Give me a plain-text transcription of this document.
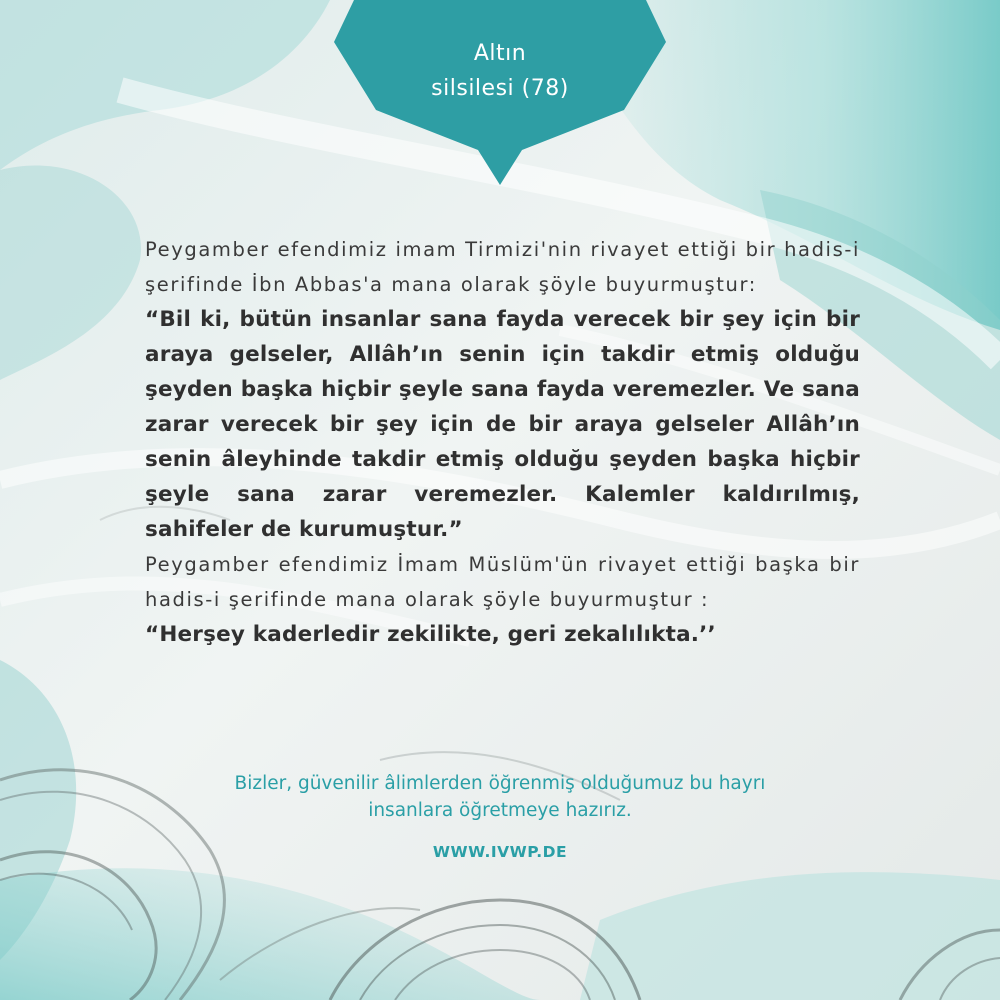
Altın
silsilesi (78)

Peygamber efendimiz imam Tirmizi'nin rivayet ettiği bir hadis-i şerifinde İbn Abbas'a mana olarak şöyle buyurmuştur:

“Bil ki, bütün insanlar sana fayda verecek bir şey için bir araya gelseler, Allâh’ın senin için takdir etmiş olduğu şeyden başka hiçbir şeyle sana fayda veremezler. Ve sana zarar verecek bir şey için de bir araya gelseler Allâh’ın senin âleyhinde takdir etmiş olduğu şeyden başka hiçbir şeyle sana zarar veremezler. Kalemler kaldırılmış, sahifeler de kurumuştur.”

Peygamber efendimiz İmam Müslüm'ün rivayet ettiği başka bir hadis-i şerifinde mana olarak şöyle buyurmuştur :

“Herşey kaderledir zekilikte, geri zekalılıkta.’’

Bizler, güvenilir âlimlerden öğrenmiş olduğumuz bu hayrı
insanlara öğretmeye hazırız.
WWW.IVWP.DE
